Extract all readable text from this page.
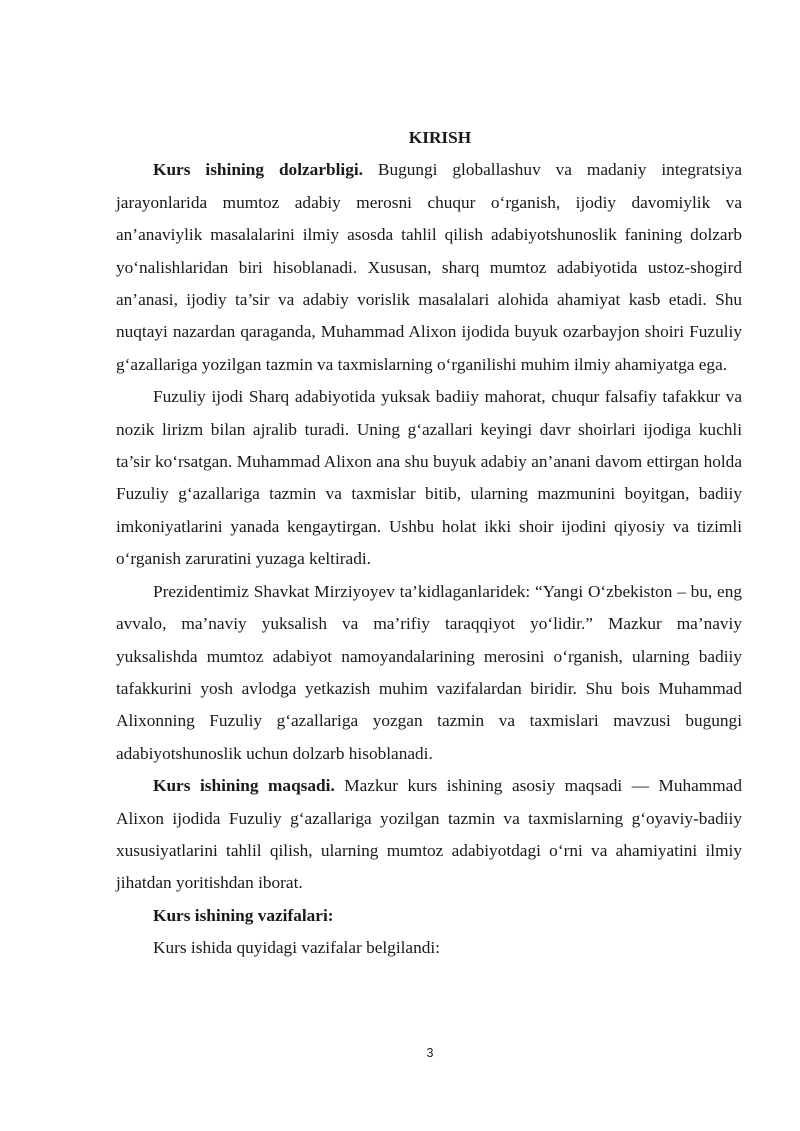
KIRISH

Kurs ishining dolzarbligi. Bugungi globallashuv va madaniy integratsiya jarayonlarida mumtoz adabiy merosni chuqur o‘rganish, ijodiy davomiylik va an’anaviylik masalalarini ilmiy asosda tahlil qilish adabiyotshunoslik fanining dolzarb yo‘nalishlaridan biri hisoblanadi. Xususan, sharq mumtoz adabiyotida ustoz-shogird an’anasi, ijodiy ta’sir va adabiy vorislik masalalari alohida ahamiyat kasb etadi. Shu nuqtayi nazardan qaraganda, Muhammad Alixon ijodida buyuk ozarbayjon shoiri Fuzuliy g‘azallariga yozilgan tazmin va taxmislarning o‘rganilishi muhim ilmiy ahamiyatga ega.

Fuzuliy ijodi Sharq adabiyotida yuksak badiiy mahorat, chuqur falsafiy tafakkur va nozik lirizm bilan ajralib turadi. Uning g‘azallari keyingi davr shoirlari ijodiga kuchli ta’sir ko‘rsatgan. Muhammad Alixon ana shu buyuk adabiy an’anani davom ettirgan holda Fuzuliy g‘azallariga tazmin va taxmislar bitib, ularning mazmunini boyitgan, badiiy imkoniyatlarini yanada kengaytirgan. Ushbu holat ikki shoir ijodini qiyosiy va tizimli o‘rganish zaruratini yuzaga keltiradi.

Prezidentimiz Shavkat Mirziyoyev ta’kidlaganlaridek: “Yangi O‘zbekiston – bu, eng avvalo, ma’naviy yuksalish va ma’rifiy taraqqiyot yo‘lidir.” Mazkur ma’naviy yuksalishda mumtoz adabiyot namoyandalarining merosini o‘rganish, ularning badiiy tafakkurini yosh avlodga yetkazish muhim vazifalardan biridir. Shu bois Muhammad Alixonning Fuzuliy g‘azallariga yozgan tazmin va taxmislari mavzusi bugungi adabiyotshunoslik uchun dolzarb hisoblanadi.

Kurs ishining maqsadi. Mazkur kurs ishining asosiy maqsadi — Muhammad Alixon ijodida Fuzuliy g‘azallariga yozilgan tazmin va taxmislarning g‘oyaviy-badiiy xususiyatlarini tahlil qilish, ularning mumtoz adabiyotdagi o‘rni va ahamiyatini ilmiy jihatdan yoritishdan iborat.

Kurs ishining vazifalari:

Kurs ishida quyidagi vazifalar belgilandi:

3
